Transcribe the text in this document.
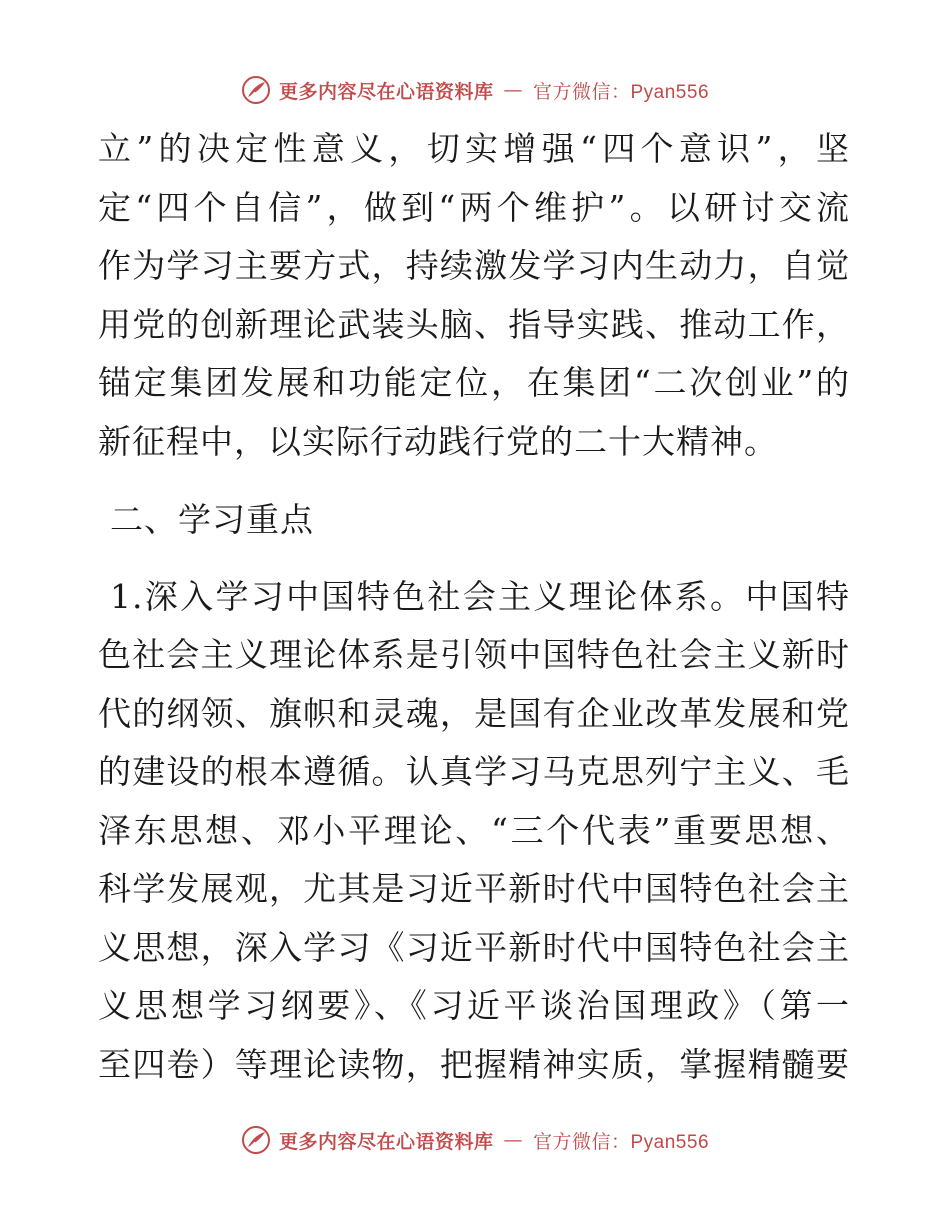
更多内容尽在心语资料库 — 官方微信：Pyan556
立”的决定性意义，切实增强“四个意识”，坚
定“四个自信”，做到“两个维护”。以研讨交流
作为学习主要方式，持续激发学习内生动力，自觉
用党的创新理论武装头脑、指导实践、推动工作，
锚定集团发展和功能定位，在集团“二次创业”的
新征程中，以实际行动践行党的二十大精神。
二、学习重点
1.深入学习中国特色社会主义理论体系。中国特
色社会主义理论体系是引领中国特色社会主义新时
代的纲领、旗帜和灵魂，是国有企业改革发展和党
的建设的根本遵循。认真学习马克思列宁主义、毛
泽东思想、邓小平理论、“三个代表”重要思想、
科学发展观，尤其是习近平新时代中国特色社会主
义思想，深入学习《习近平新时代中国特色社会主
义思想学习纲要》、《习近平谈治国理政》（第一
至四卷）等理论读物，把握精神实质，掌握精髓要
更多内容尽在心语资料库 — 官方微信：Pyan556
